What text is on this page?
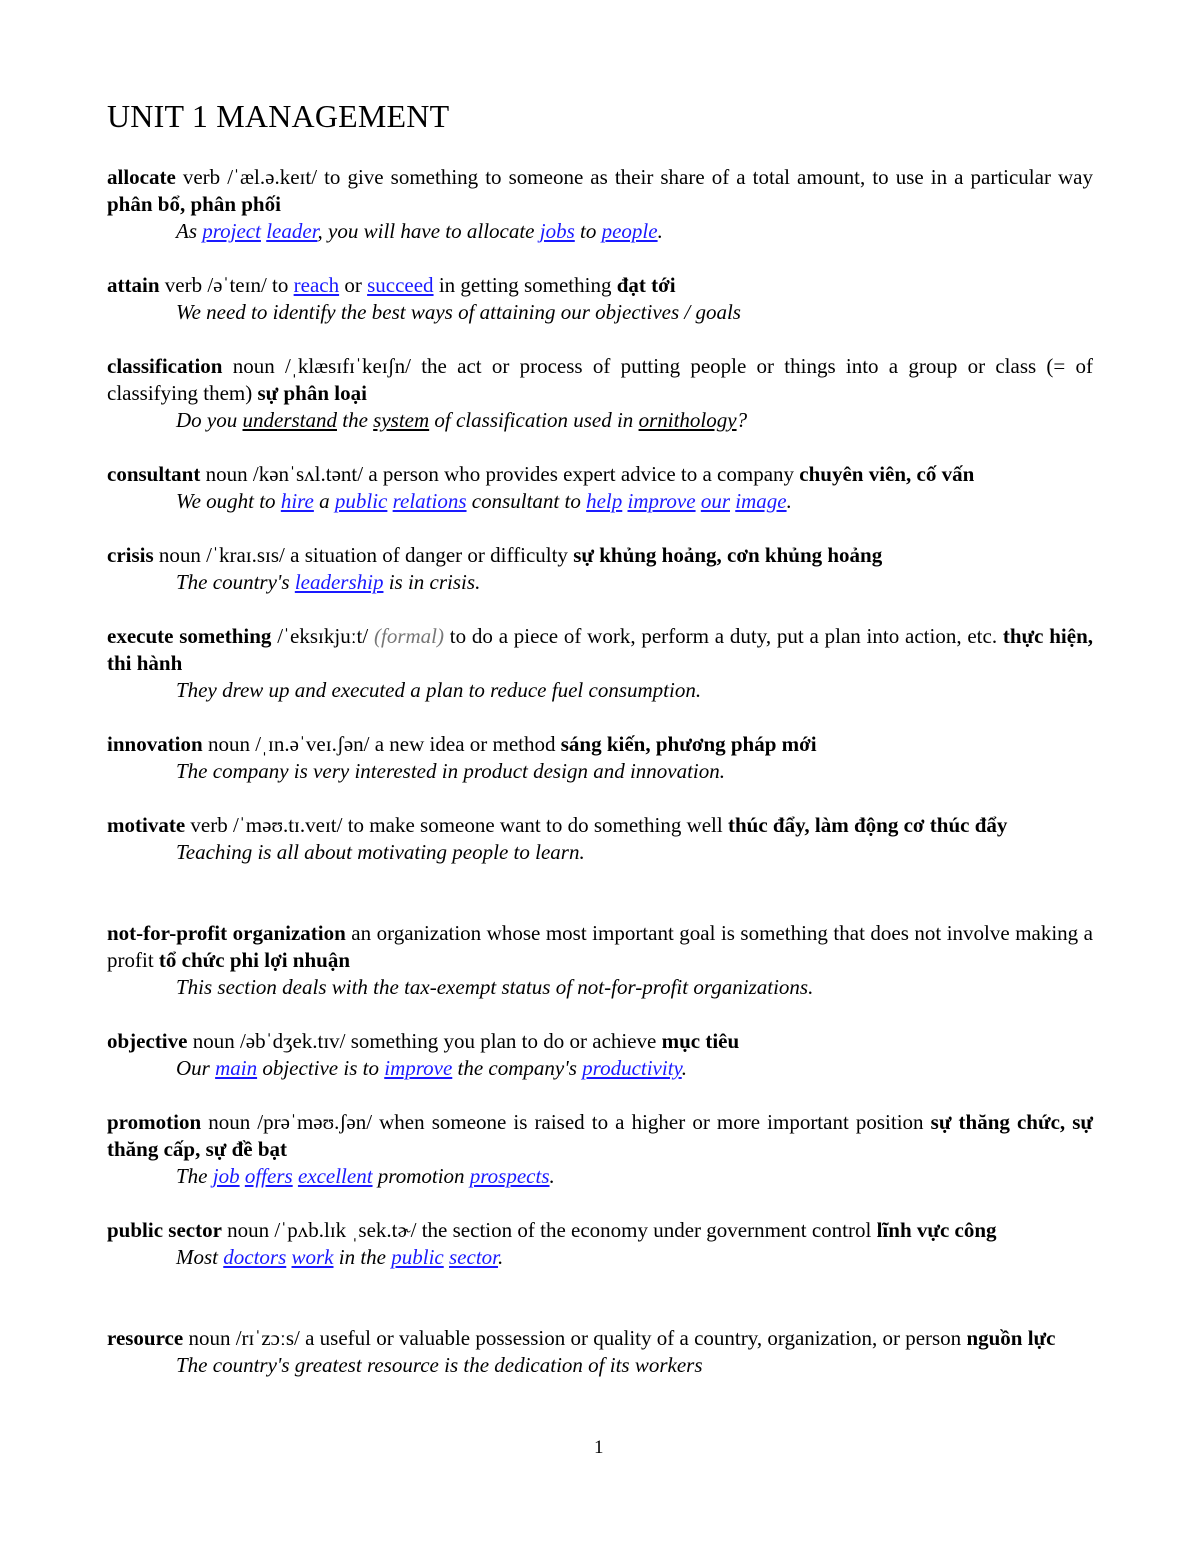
UNIT 1 MANAGEMENT

allocate verb /ˈæl.ə.keɪt/ to give something to someone as their share of a total amount, to use in a particular way phân bổ, phân phối

As project leader, you will have to allocate jobs to people.

attain verb /əˈteɪn/ to reach or succeed in getting something đạt tới

We need to identify the best ways of attaining our objectives / goals

classification noun /ˌklæsɪfɪˈkeɪʃn/ the act or process of putting people or things into a group or class (= of classifying them) sự phân loại

Do you understand the system of classification used in ornithology?

consultant noun /kənˈsʌl.tənt/ a person who provides expert advice to a company chuyên viên, cố vấn

We ought to hire a public relations consultant to help improve our image.

crisis noun /ˈkraɪ.sɪs/ a situation of danger or difficulty sự khủng hoảng, cơn khủng hoảng

The country's leadership is in crisis.

execute something /ˈeksɪkjuːt/ (formal) to do a piece of work, perform a duty, put a plan into action, etc. thực hiện, thi hành

They drew up and executed a plan to reduce fuel consumption.

innovation noun /ˌɪn.əˈveɪ.ʃən/ a new idea or method sáng kiến, phương pháp mới

The company is very interested in product design and innovation.

motivate verb /ˈməʊ.tɪ.veɪt/ to make someone want to do something well thúc đẩy, làm động cơ thúc đẩy

Teaching is all about motivating people to learn.

not-for-profit organization an organization whose most important goal is something that does not involve making a profit tổ chức phi lợi nhuận

This section deals with the tax-exempt status of not-for-profit organizations.

objective noun /əbˈdʒek.tɪv/ something you plan to do or achieve mục tiêu

Our main objective is to improve the company's productivity.

promotion noun /prəˈməʊ.ʃən/ when someone is raised to a higher or more important position sự thăng chức, sự thăng cấp, sự đề bạt

The job offers excellent promotion prospects.

public sector noun /ˈpʌb.lɪk ˌsek.tɚ/ the section of the economy under government control lĩnh vực công

Most doctors work in the public sector.

resource noun /rɪˈzɔːs/ a useful or valuable possession or quality of a country, organization, or person nguồn lực

The country's greatest resource is the dedication of its workers

1
